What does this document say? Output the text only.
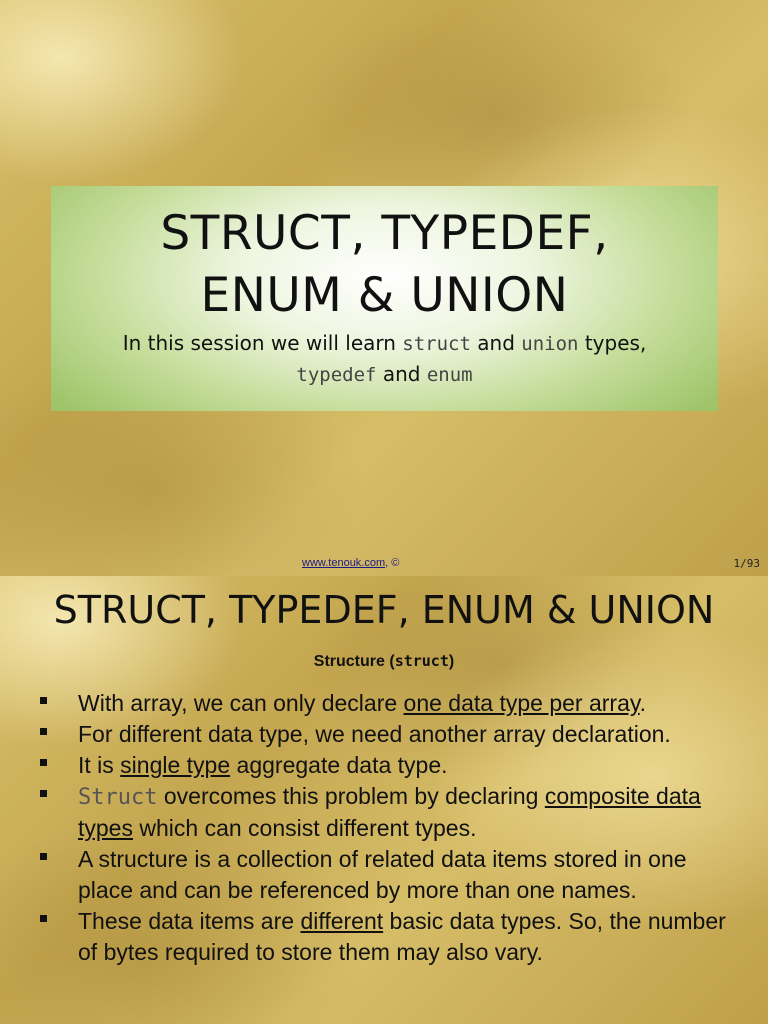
STRUCT, TYPEDEF,
ENUM & UNION
In this session we will learn struct and union types,
typedef and enum
www.tenouk.com, ©	1/93
STRUCT, TYPEDEF, ENUM & UNION
Structure (struct)
With array, we can only declare one data type per array.
For different data type, we need another array declaration.
It is single type aggregate data type.
Struct overcomes this problem by declaring composite data types which can consist different types.
A structure is a collection of related data items stored in one place and can be referenced by more than one names.
These data items are different basic data types. So, the number of bytes required to store them may also vary.
